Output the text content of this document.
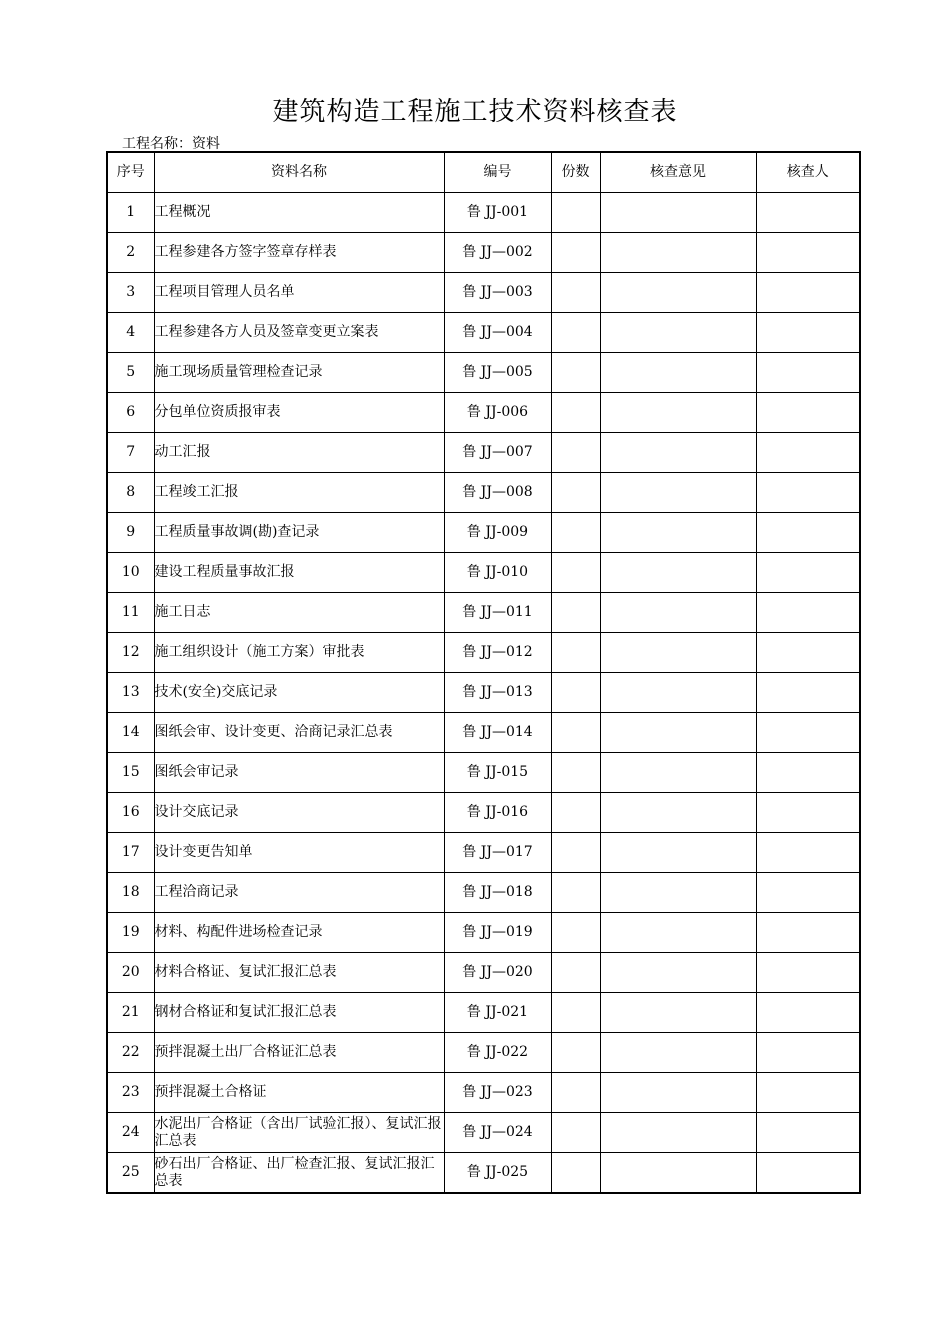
建筑构造工程施工技术资料核查表
工程名称：资料
序号	资料名称	编号	份数	核查意见	核查人
1	工程概况	鲁 JJ-001			
2	工程参建各方签字签章存样表	鲁 JJ—002			
3	工程项目管理人员名单	鲁 JJ—003			
4	工程参建各方人员及签章变更立案表	鲁 JJ—004			
5	施工现场质量管理检查记录	鲁 JJ—005			
6	分包单位资质报审表	鲁 JJ-006			
7	动工汇报	鲁 JJ—007			
8	工程竣工汇报	鲁 JJ—008			
9	工程质量事故调(勘)查记录	鲁 JJ-009			
10	建设工程质量事故汇报	鲁 JJ-010			
11	施工日志	鲁 JJ—011			
12	施工组织设计（施工方案）审批表	鲁 JJ—012			
13	技术(安全)交底记录	鲁 JJ—013			
14	图纸会审、设计变更、洽商记录汇总表	鲁 JJ—014			
15	图纸会审记录	鲁 JJ-015			
16	设计交底记录	鲁 JJ-016			
17	设计变更告知单	鲁 JJ—017			
18	工程洽商记录	鲁 JJ—018			
19	材料、构配件进场检查记录	鲁 JJ—019			
20	材料合格证、复试汇报汇总表	鲁 JJ—020			
21	钢材合格证和复试汇报汇总表	鲁 JJ-021			
22	预拌混凝土出厂合格证汇总表	鲁 JJ-022			
23	预拌混凝土合格证	鲁 JJ—023			
24	水泥出厂合格证（含出厂试验汇报）、复试汇报汇总表	鲁 JJ—024			
25	砂石出厂合格证、出厂检查汇报、复试汇报汇总表	鲁 JJ-025			
